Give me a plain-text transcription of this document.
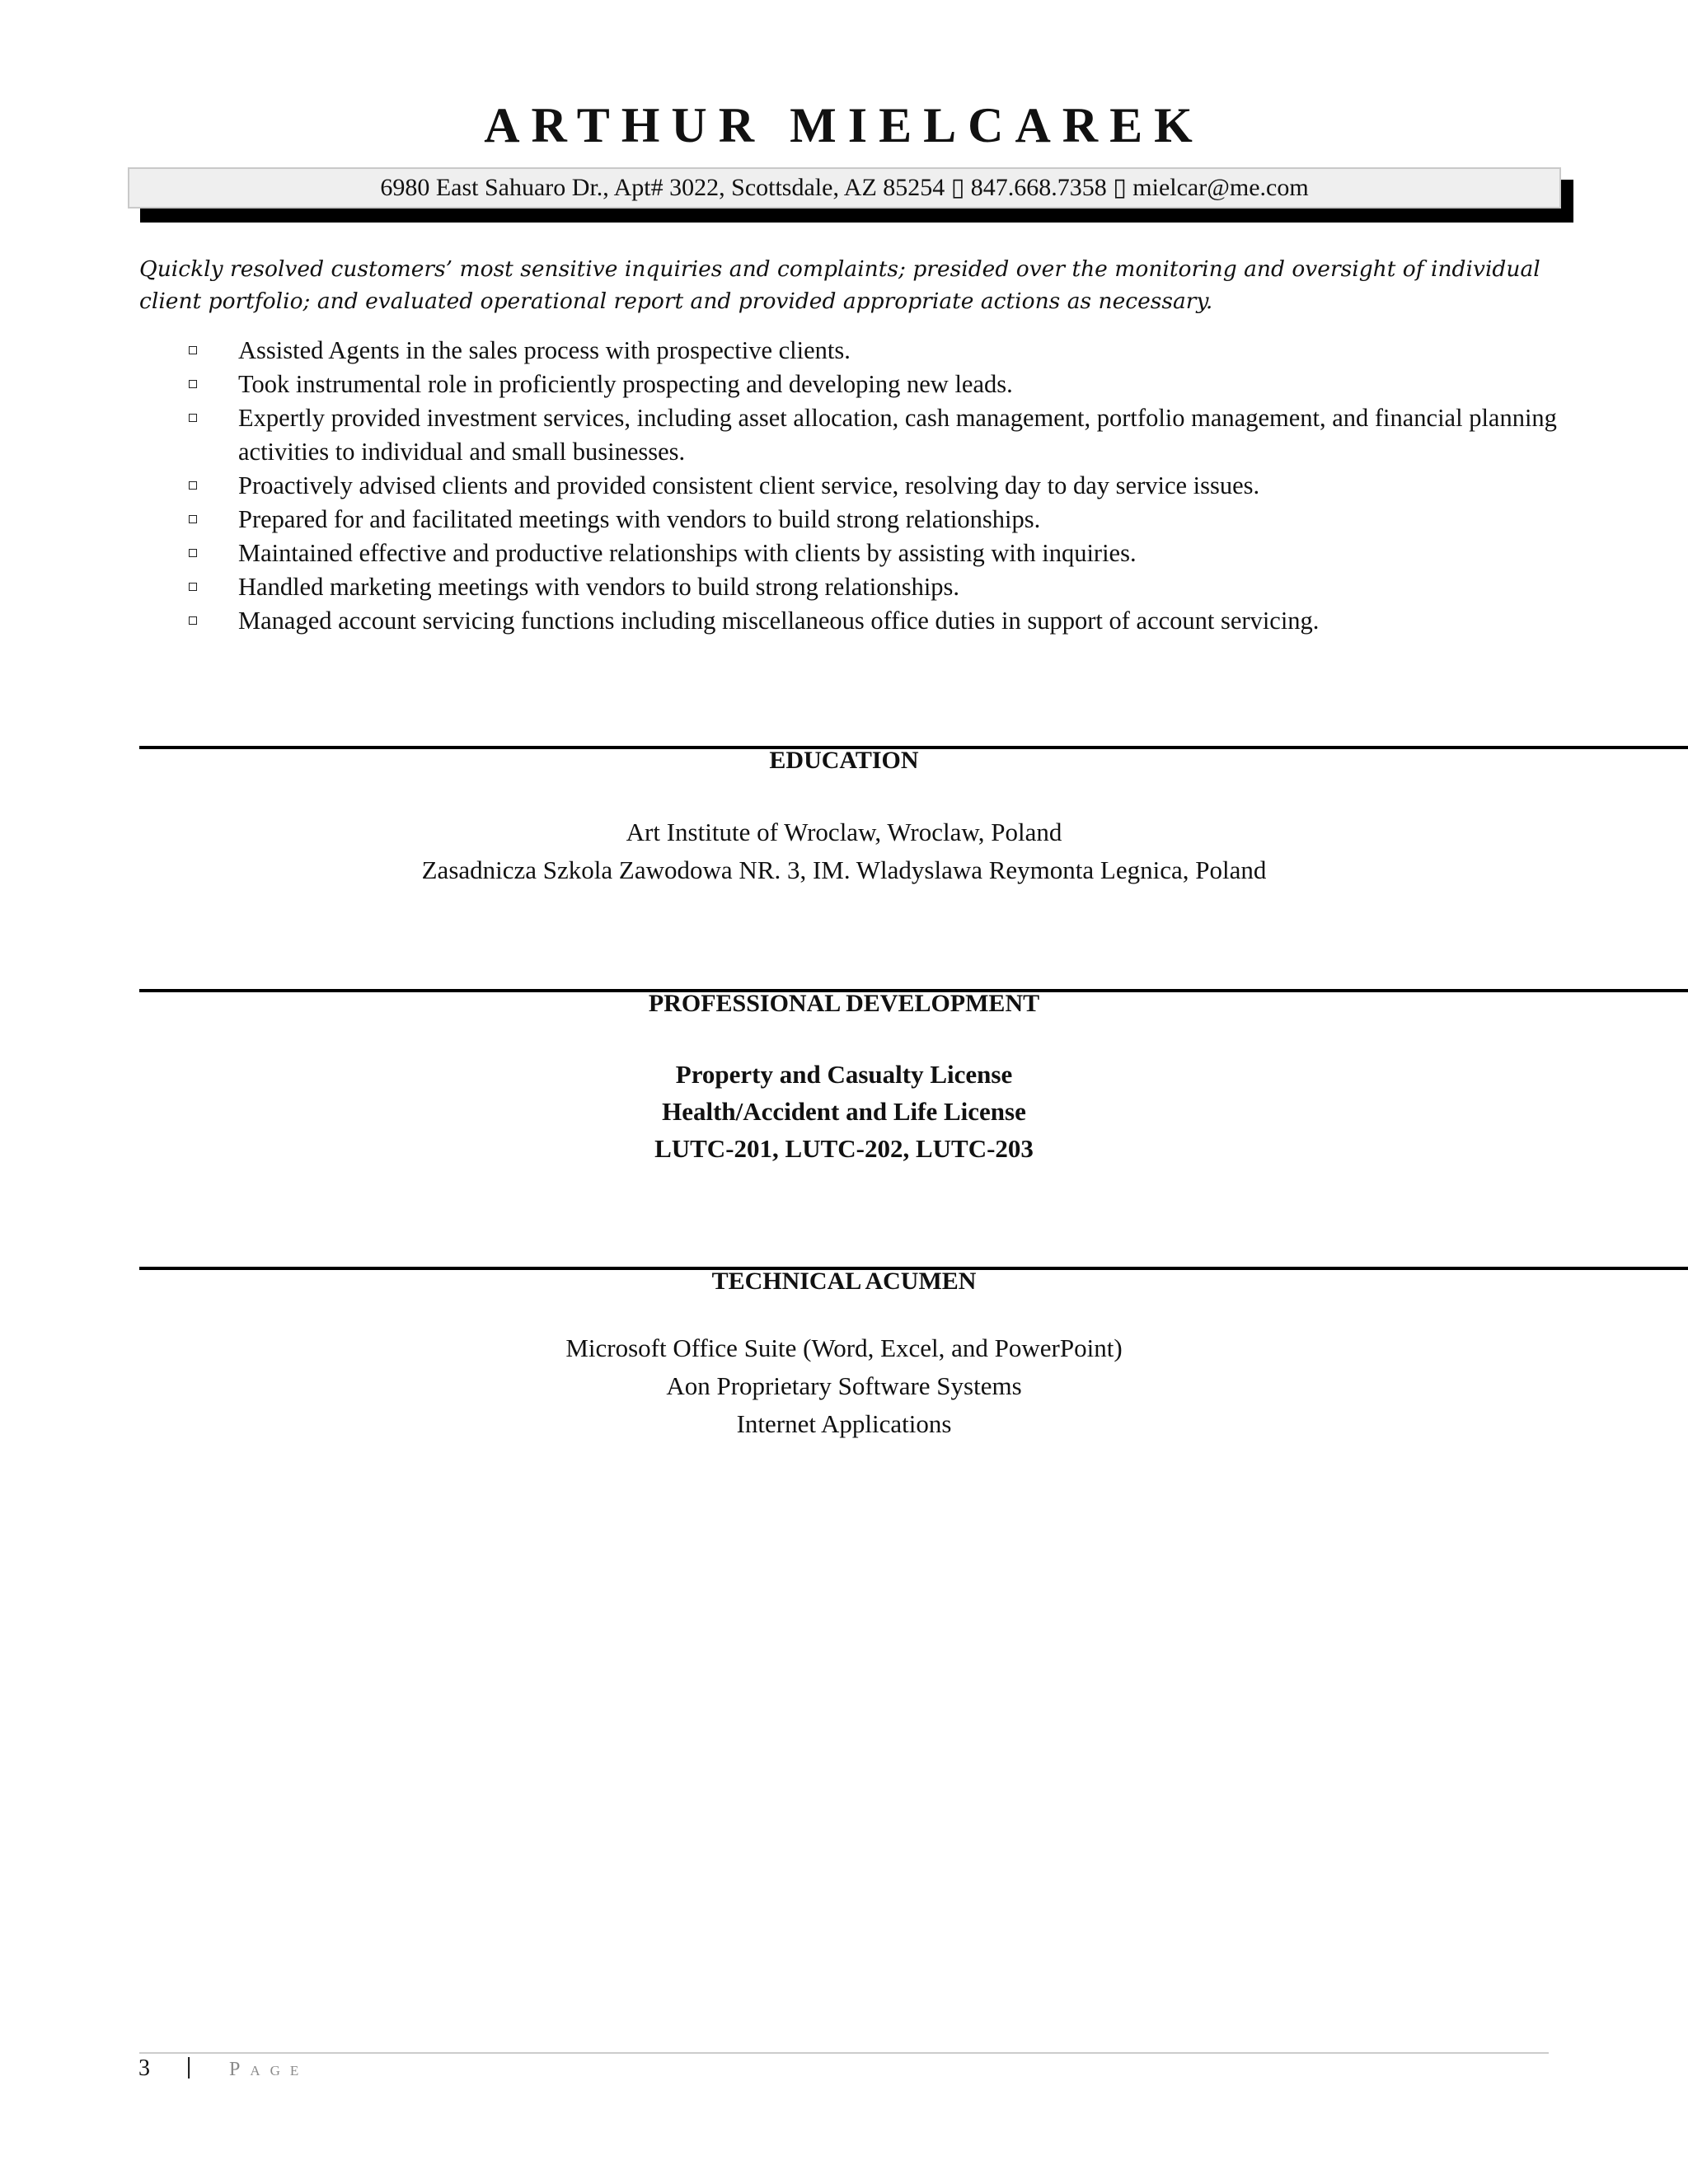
ARTHUR MIELCAREK
6980 East Sahuaro Dr., Apt# 3022, Scottsdale, AZ 85254 ▯ 847.668.7358 ▯ mielcar@me.com
Quickly resolved customers’ most sensitive inquiries and complaints; presided over the monitoring and oversight of individual client portfolio; and evaluated operational report and provided appropriate actions as necessary.
Assisted Agents in the sales process with prospective clients.
Took instrumental role in proficiently prospecting and developing new leads.
Expertly provided investment services, including asset allocation, cash management, portfolio management, and financial planning activities to individual and small businesses.
Proactively advised clients and provided consistent client service, resolving day to day service issues.
Prepared for and facilitated meetings with vendors to build strong relationships.
Maintained effective and productive relationships with clients by assisting with inquiries.
Handled marketing meetings with vendors to build strong relationships.
Managed account servicing functions including miscellaneous office duties in support of account servicing.
EDUCATION
Art Institute of Wroclaw, Wroclaw, Poland
Zasadnicza Szkola Zawodowa NR. 3, IM. Wladyslawa Reymonta Legnica, Poland
PROFESSIONAL DEVELOPMENT
Property and Casualty License
Health/Accident and Life License
LUTC-201, LUTC-202, LUTC-203
TECHNICAL ACUMEN
Microsoft Office Suite (Word, Excel, and PowerPoint)
Aon Proprietary Software Systems
Internet Applications
3 | Page
